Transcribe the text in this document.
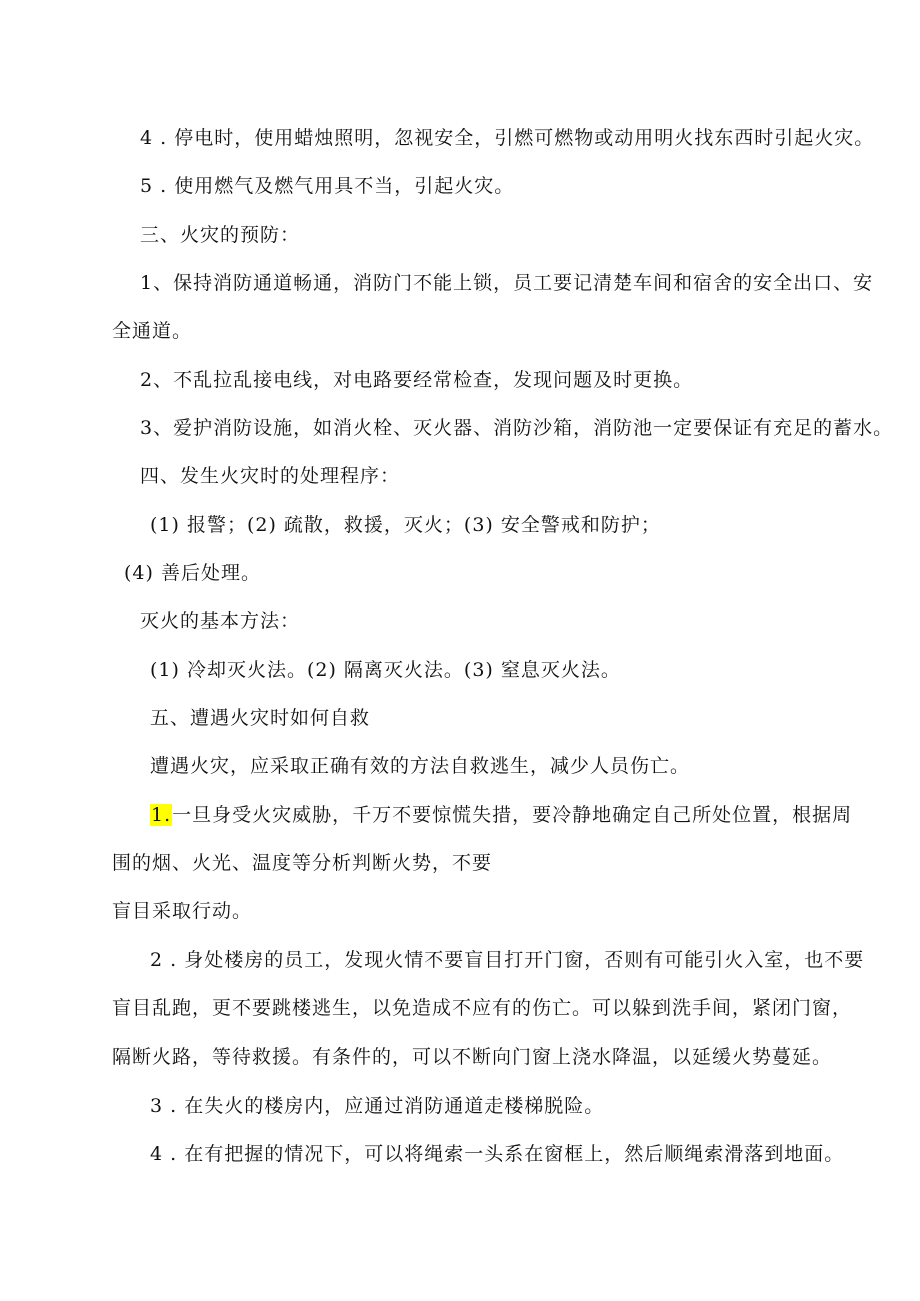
4 . 停电时，使用蜡烛照明，忽视安全，引燃可燃物或动用明火找东西时引起火灾。
5 . 使用燃气及燃气用具不当，引起火灾。
三、火灾的预防：
1、保持消防通道畅通，消防门不能上锁，员工要记清楚车间和宿舍的安全出口、安
全通道。
2、不乱拉乱接电线，对电路要经常检查，发现问题及时更换。
3、爱护消防设施，如消火栓、灭火器、消防沙箱，消防池一定要保证有充足的蓄水。
四、发生火灾时的处理程序：
(1) 报警；(2) 疏散，救援，灭火；(3) 安全警戒和防护；
(4) 善后处理。
灭火的基本方法：
(1) 冷却灭火法。(2) 隔离灭火法。(3) 窒息灭火法。
五、遭遇火灾时如何自救
遭遇火灾，应采取正确有效的方法自救逃生，减少人员伤亡。
1.一旦身受火灾威胁，千万不要惊慌失措，要冷静地确定自己所处位置，根据周
围的烟、火光、温度等分析判断火势，不要
盲目采取行动。
2 . 身处楼房的员工，发现火情不要盲目打开门窗，否则有可能引火入室，也不要
盲目乱跑，更不要跳楼逃生，以免造成不应有的伤亡。可以躲到洗手间，紧闭门窗，
隔断火路，等待救援。有条件的，可以不断向门窗上浇水降温，以延缓火势蔓延。
3 . 在失火的楼房内，应通过消防通道走楼梯脱险。
4 . 在有把握的情况下，可以将绳索一头系在窗框上，然后顺绳索滑落到地面。
